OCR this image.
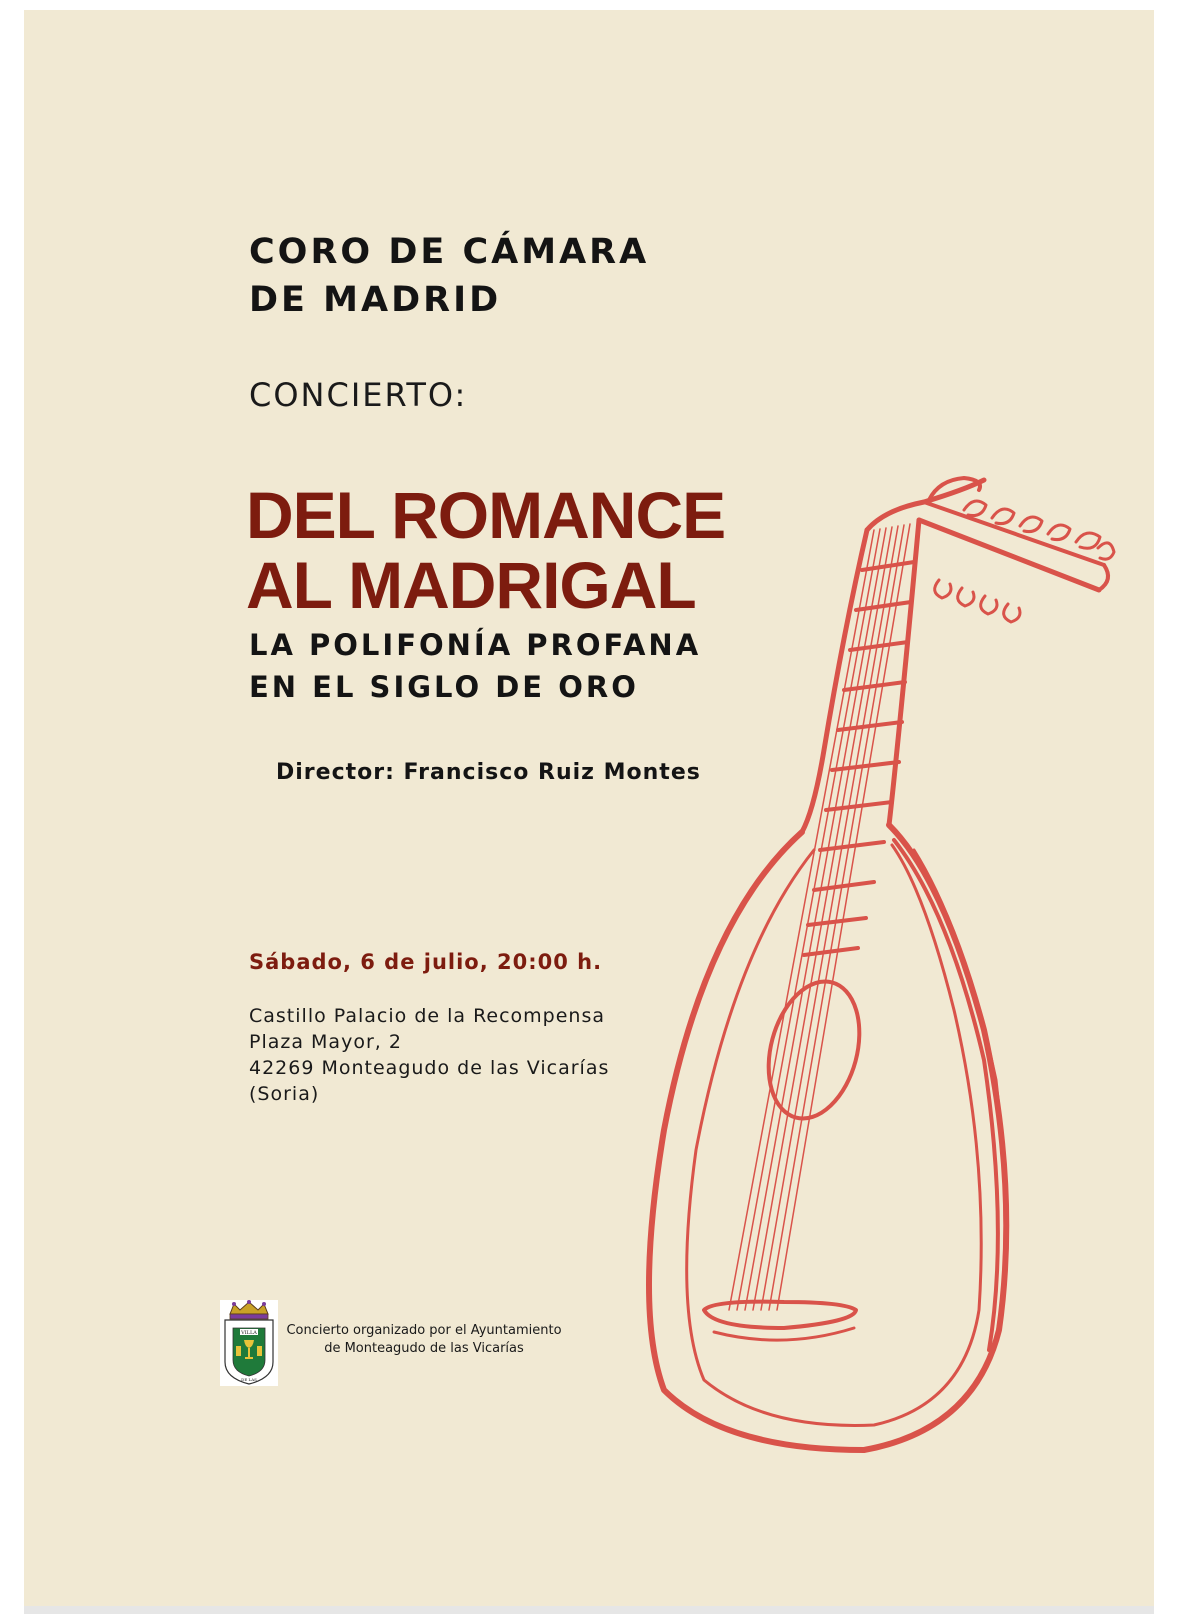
CORO DE CÁMARA
DE MADRID
CONCIERTO:
DEL ROMANCE
AL MADRIGAL
LA POLIFONÍA PROFANA
EN EL SIGLO DE ORO
Director: Francisco Ruiz Montes
Sábado, 6 de julio, 20:00 h.
Castillo Palacio de la Recompensa
Plaza Mayor, 2
42269 Monteagudo de las Vicarías
(Soria)
VILLA
DE LAS
Concierto organizado por el Ayuntamiento
de Monteagudo de las Vicarías
